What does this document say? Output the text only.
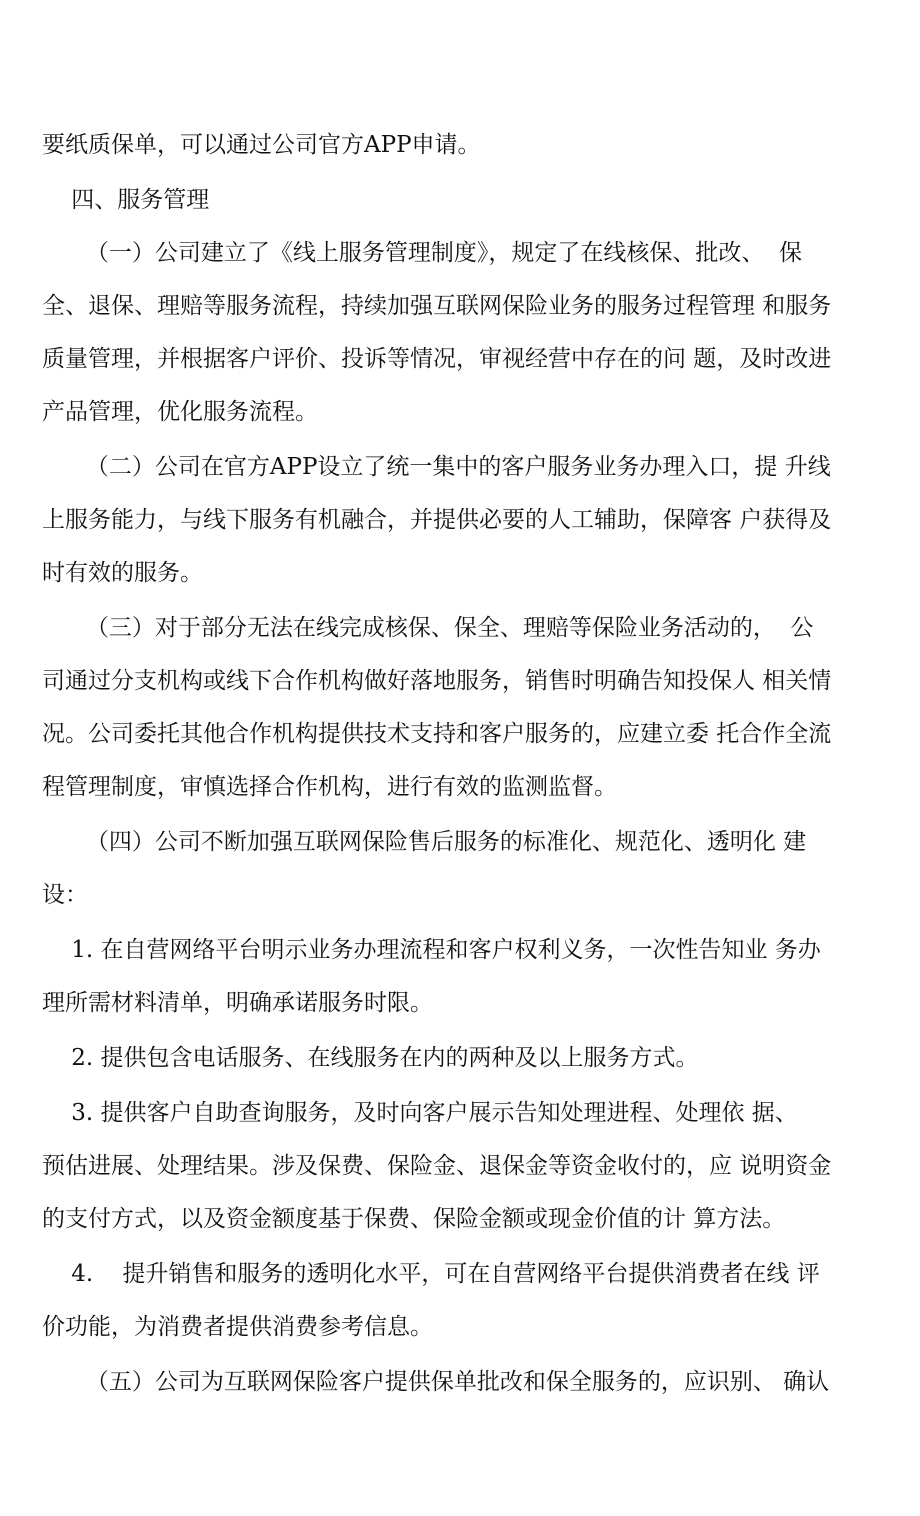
要纸质保单，可以通过公司官方APP申请。
四、服务管理
（一）公司建立了《线上服务管理制度》，规定了在线核保、批改、  保
全、退保、理赔等服务流程，持续加强互联网保险业务的服务过程管理 和服务
质量管理，并根据客户评价、投诉等情况，审视经营中存在的问 题，及时改进
产品管理，优化服务流程。
（二）公司在官方APP设立了统一集中的客户服务业务办理入口，提 升线
上服务能力，与线下服务有机融合，并提供必要的人工辅助，保障客 户获得及
时有效的服务。
（三）对于部分无法在线完成核保、保全、理赔等保险业务活动的，  公
司通过分支机构或线下合作机构做好落地服务，销售时明确告知投保人 相关情
况。公司委托其他合作机构提供技术支持和客户服务的，应建立委 托合作全流
程管理制度，审慎选择合作机构，进行有效的监测监督。
（四）公司不断加强互联网保险售后服务的标准化、规范化、透明化 建
设：
1. 在自营网络平台明示业务办理流程和客户权利义务，一次性告知业 务办
理所需材料清单，明确承诺服务时限。
2. 提供包含电话服务、在线服务在内的两种及以上服务方式。
3. 提供客户自助查询服务，及时向客户展示告知处理进程、处理依 据、
预估进展、处理结果。涉及保费、保险金、退保金等资金收付的，应 说明资金
的支付方式，以及资金额度基于保费、保险金额或现金价值的计 算方法。
4.    提升销售和服务的透明化水平，可在自营网络平台提供消费者在线 评
价功能，为消费者提供消费参考信息。
（五）公司为互联网保险客户提供保单批改和保全服务的，应识别、 确认
